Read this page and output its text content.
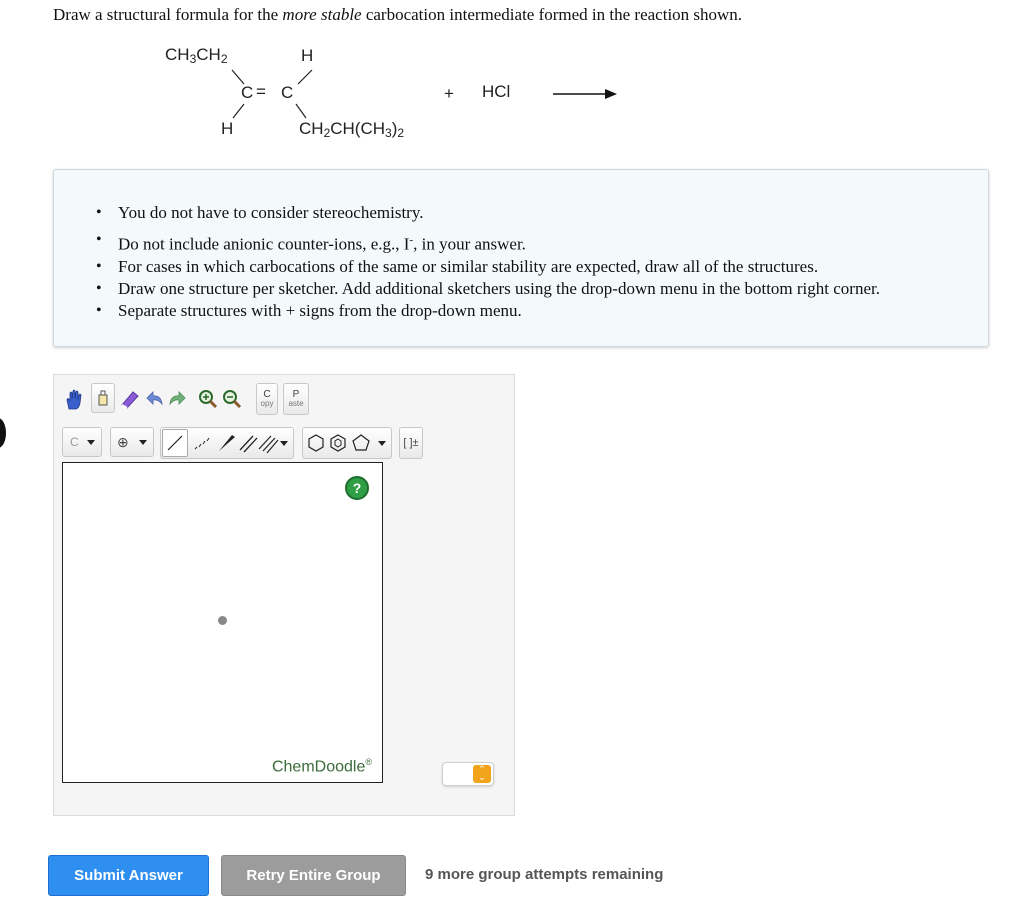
Draw a structural formula for the more stable carbocation intermediate formed in the reaction shown.
$CH_3CH_2$	H
C = C
H	$CH_2CH(CH_3)_2$
+ HCl
• You do not have to consider stereochemistry.
• Do not include anionic counter-ions, e.g., I-, in your answer.
• For cases in which carbocations of the same or similar stability are expected, draw all of the structures.
• Draw one structure per sketcher. Add additional sketchers using the drop-down menu in the bottom right corner.
• Separate structures with + signs from the drop-down menu.
C
opy
P
aste
C	⊕	[ ]±
?
ChemDoodle®
⌃
⌄
Submit Answer	Retry Entire Group	9 more group attempts remaining
